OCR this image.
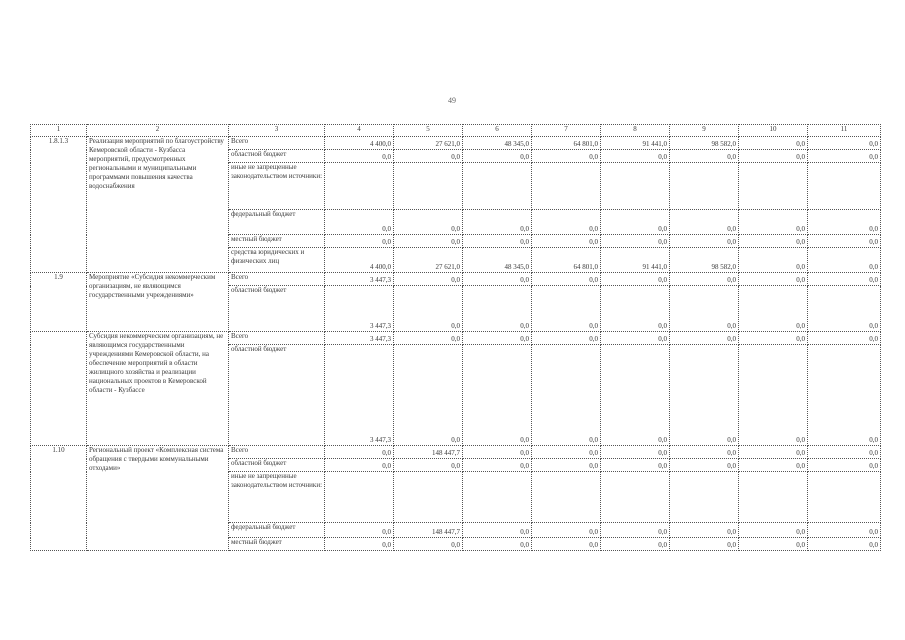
49
1	2	3	4	5	6	7	8	9	10	11
1.8.1.3	Реализация мероприятий по благоустройству Кемеровской области - Кузбасса мероприятий, предусмотренных региональными и муниципальными программами повышения качества водоснабжения	Всего	4 400,0	27 621,0	48 345,0	64 801,0	91 441,0	98 582,0	0,0	0,0
		областной бюджет	0,0	0,0	0,0	0,0	0,0	0,0	0,0	0,0
		иные не запрещенные законодательством источники:								
		федеральный бюджет	0,0	0,0	0,0	0,0	0,0	0,0	0,0	0,0
		местный бюджет	0,0	0,0	0,0	0,0	0,0	0,0	0,0	0,0
		средства юридических и физических лиц	4 400,0	27 621,0	48 345,0	64 801,0	91 441,0	98 582,0	0,0	0,0
1.9	Мероприятие «Субсидия некоммерческим организациям, не являющимся государственными учреждениями»	Всего	3 447,3	0,0	0,0	0,0	0,0	0,0	0,0	0,0
		областной бюджет	3 447,3	0,0	0,0	0,0	0,0	0,0	0,0	0,0
	Субсидия некоммерческим организациям, не являющимся государственными учреждениями Кемеровской области, на обеспечение мероприятий в области жилищного хозяйства и реализации национальных проектов в Кемеровской области - Кузбассе	Всего	3 447,3	0,0	0,0	0,0	0,0	0,0	0,0	0,0
		областной бюджет	3 447,3	0,0	0,0	0,0	0,0	0,0	0,0	0,0
1.10	Региональный проект «Комплексная система обращения с твердыми коммунальными отходами»	Всего	0,0	148 447,7	0,0	0,0	0,0	0,0	0,0	0,0
		областной бюджет	0,0	0,0	0,0	0,0	0,0	0,0	0,0	0,0
		иные не запрещенные законодательством источники:								
		федеральный бюджет	0,0	148 447,7	0,0	0,0	0,0	0,0	0,0	0,0
		местный бюджет	0,0	0,0	0,0	0,0	0,0	0,0	0,0	0,0
